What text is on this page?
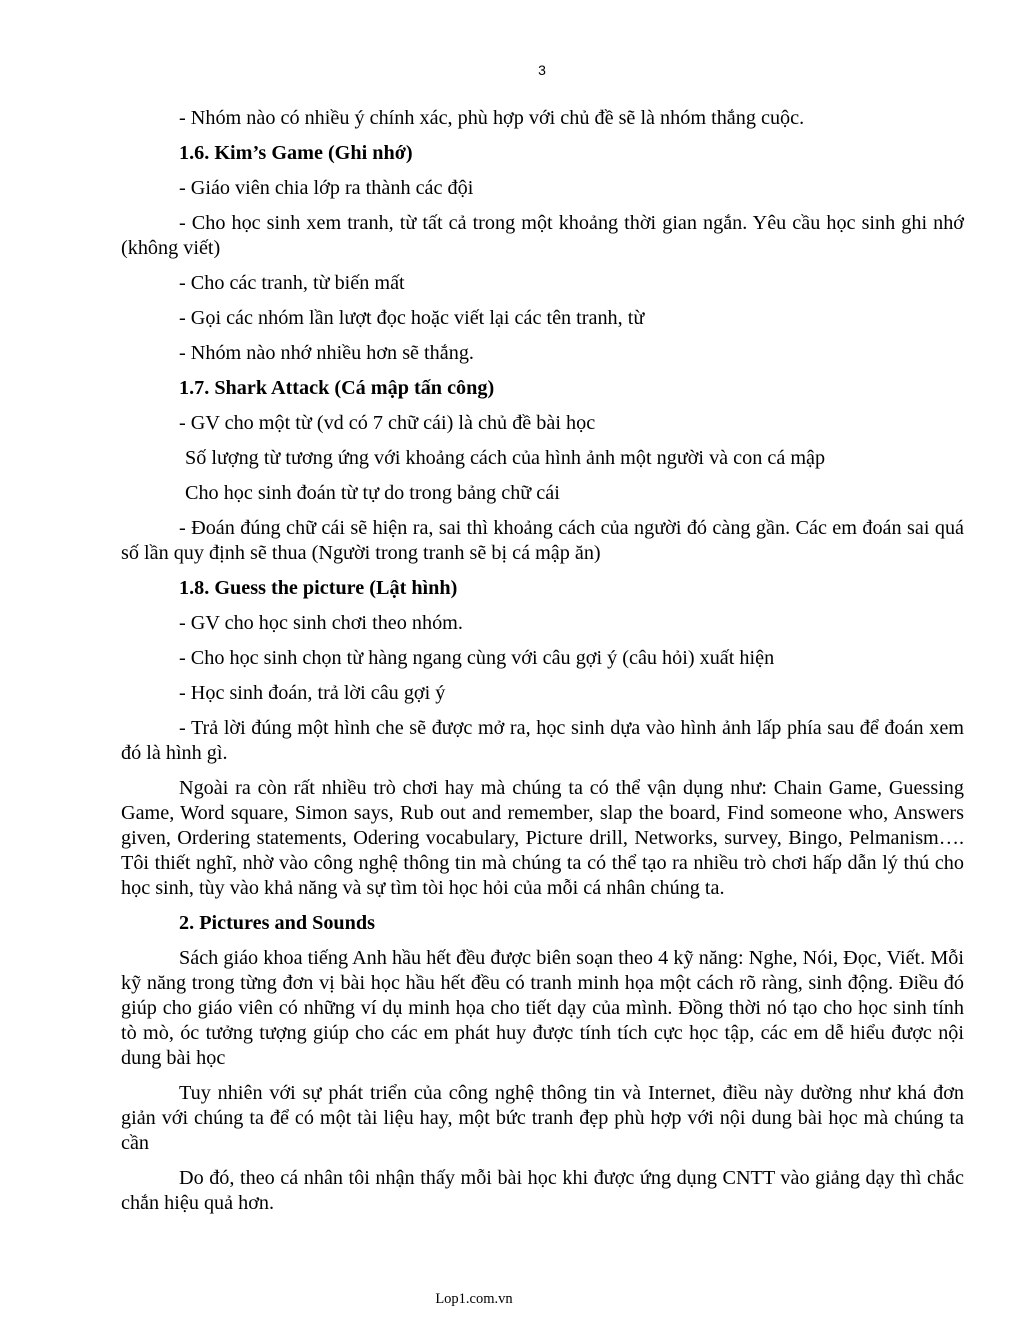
3

- Nhóm nào có nhiều ý chính xác, phù hợp với chủ đề sẽ là nhóm thắng cuộc.

1.6. Kim’s Game (Ghi nhớ)

- Giáo viên chia lớp ra thành các đội

- Cho học sinh xem tranh, từ tất cả trong một khoảng thời gian ngắn. Yêu cầu học sinh ghi nhớ (không viết)

- Cho các tranh, từ biến mất

- Gọi các nhóm lần lượt đọc hoặc viết lại các tên tranh, từ

- Nhóm nào nhớ nhiều hơn sẽ thắng.

1.7. Shark Attack (Cá mập tấn công)

- GV cho một từ (vd có 7 chữ cái) là chủ đề bài học

Số lượng từ tương ứng với khoảng cách của hình ảnh một người và con cá mập

Cho học sinh đoán từ tự do trong bảng chữ cái

- Đoán đúng chữ cái sẽ hiện ra, sai thì khoảng cách của người đó càng gần. Các em đoán sai quá số lần quy định sẽ thua (Người trong tranh sẽ bị cá mập ăn)

1.8. Guess the picture (Lật hình)

- GV cho học sinh chơi theo nhóm.

- Cho học sinh chọn từ hàng ngang cùng với câu gợi ý (câu hỏi) xuất hiện

- Học sinh đoán, trả lời câu gợi ý

- Trả lời đúng một hình che sẽ được mở ra, học sinh dựa vào hình ảnh lấp phía sau để đoán xem đó là hình gì.

Ngoài ra còn rất nhiều trò chơi hay mà chúng ta có thể vận dụng như: Chain Game, Guessing Game, Word square, Simon says, Rub out and remember, slap the board, Find someone who, Answers given, Ordering statements, Odering vocabulary, Picture drill, Networks, survey, Bingo, Pelmanism…. Tôi thiết nghĩ, nhờ vào công nghệ thông tin mà chúng ta có thể tạo ra nhiều trò chơi hấp dẫn lý thú cho học sinh, tùy vào khả năng và sự tìm tòi học hỏi của mỗi cá nhân chúng ta.

2. Pictures and Sounds

Sách giáo khoa tiếng Anh hầu hết đều được biên soạn theo 4 kỹ năng: Nghe, Nói, Đọc, Viết. Mỗi kỹ năng trong từng đơn vị bài học hầu hết đều có tranh minh họa một cách rõ ràng, sinh động. Điều đó giúp cho giáo viên có những ví dụ minh họa cho tiết dạy của mình. Đồng thời nó tạo cho học sinh tính tò mò, óc tưởng tượng giúp cho các em phát huy được tính tích cực học tập, các em dễ hiểu được nội dung bài học

Tuy nhiên với sự phát triển của công nghệ thông tin và Internet, điều này dường như khá đơn giản với chúng ta để có một tài liệu hay, một bức tranh đẹp phù hợp với nội dung bài học mà chúng ta cần

Do đó, theo cá nhân tôi nhận thấy mỗi bài học khi được ứng dụng CNTT vào giảng dạy thì chắc chắn hiệu quả hơn.

Lop1.com.vn
